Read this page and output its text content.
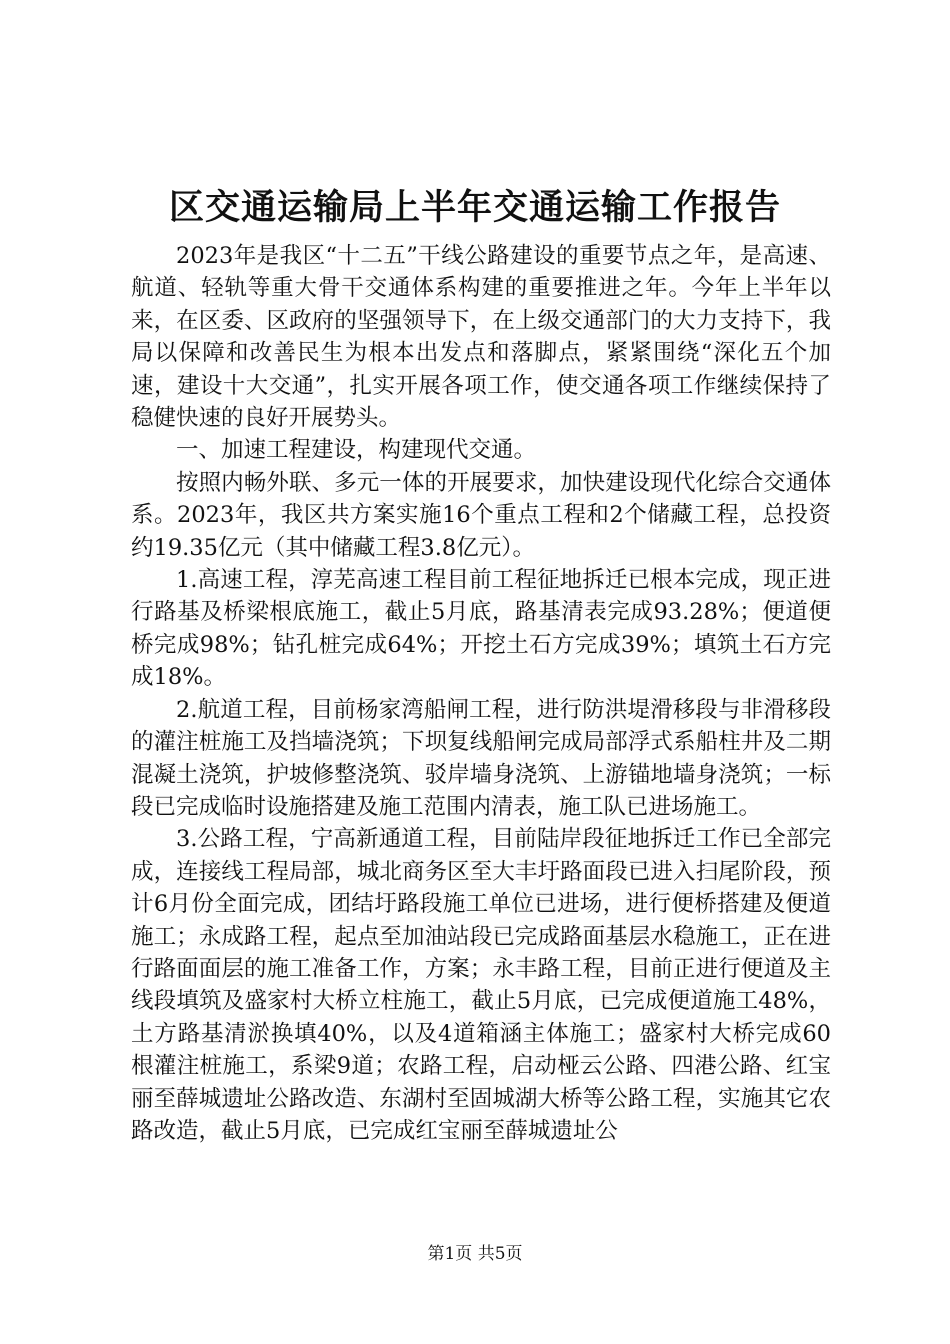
区交通运输局上半年交通运输工作报告

2023年是我区“十二五”干线公路建设的重要节点之年，是高速、航道、轻轨等重大骨干交通体系构建的重要推进之年。今年上半年以来，在区委、区政府的坚强领导下，在上级交通部门的大力支持下，我局以保障和改善民生为根本出发点和落脚点，紧紧围绕“深化五个加速，建设十大交通”，扎实开展各项工作，使交通各项工作继续保持了稳健快速的良好开展势头。

一、加速工程建设，构建现代交通。

按照内畅外联、多元一体的开展要求，加快建设现代化综合交通体系。2023年，我区共方案实施16个重点工程和2个储藏工程，总投资约19.35亿元（其中储藏工程3.8亿元）。

1.高速工程，淳芜高速工程目前工程征地拆迁已根本完成，现正进行路基及桥梁根底施工，截止5月底，路基清表完成93.28%；便道便桥完成98%；钻孔桩完成64%；开挖土石方完成39%；填筑土石方完成18%。

2.航道工程，目前杨家湾船闸工程，进行防洪堤滑移段与非滑移段的灌注桩施工及挡墙浇筑；下坝复线船闸完成局部浮式系船柱井及二期混凝土浇筑，护坡修整浇筑、驳岸墙身浇筑、上游锚地墙身浇筑；一标段已完成临时设施搭建及施工范围内清表，施工队已进场施工。

3.公路工程，宁高新通道工程，目前陆岸段征地拆迁工作已全部完成，连接线工程局部，城北商务区至大丰圩路面段已进入扫尾阶段，预计6月份全面完成，团结圩路段施工单位已进场，进行便桥搭建及便道施工；永成路工程，起点至加油站段已完成路面基层水稳施工，正在进行路面面层的施工准备工作，方案；永丰路工程，目前正进行便道及主线段填筑及盛家村大桥立柱施工，截止5月底，已完成便道施工48%，土方路基清淤换填40%，以及4道箱涵主体施工；盛家村大桥完成60根灌注桩施工，系梁9道；农路工程，启动桠云公路、四港公路、红宝丽至薛城遗址公路改造、东湖村至固城湖大桥等公路工程，实施其它农路改造，截止5月底，已完成红宝丽至薛城遗址公

第1页 共5页
